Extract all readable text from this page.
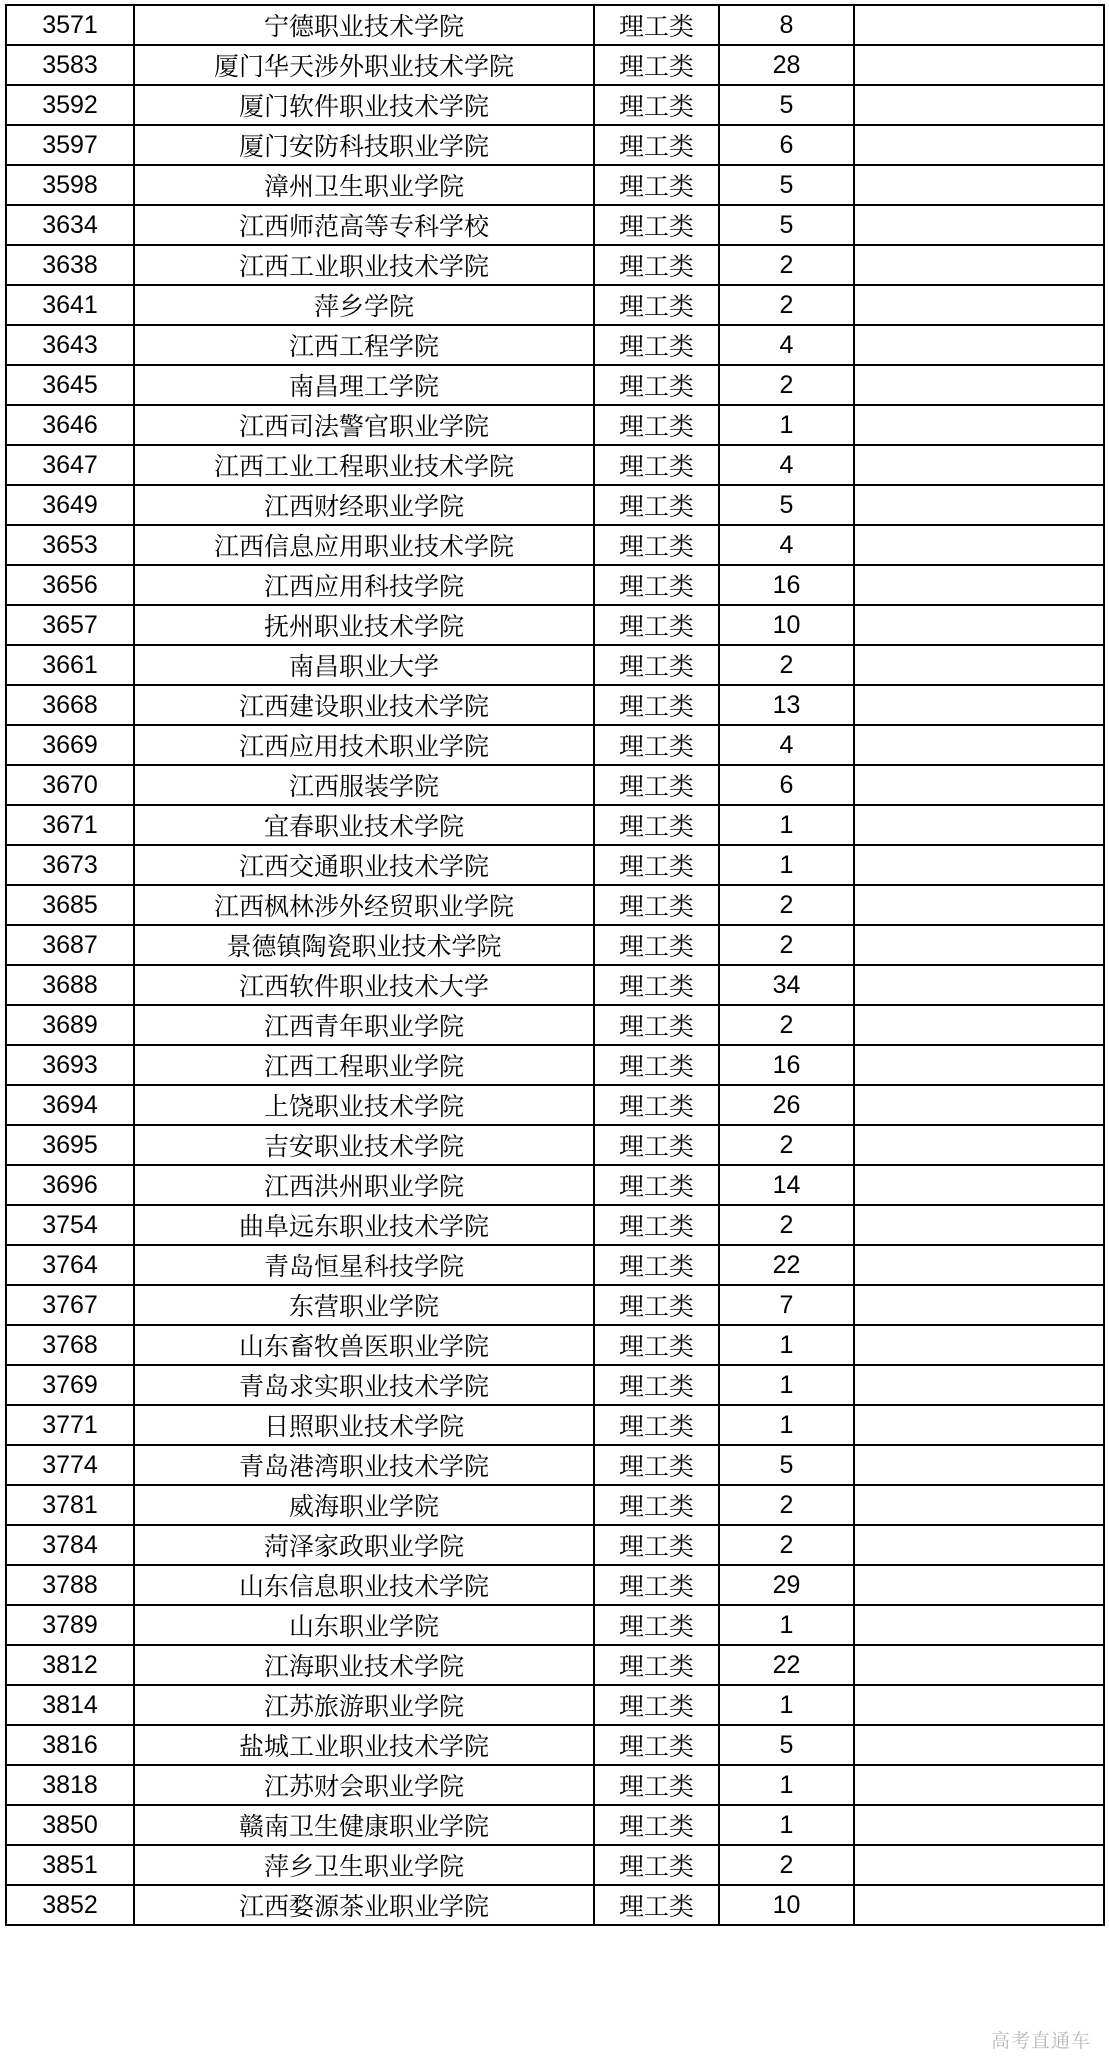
3571	宁德职业技术学院	理工类	8	
3583	厦门华天涉外职业技术学院	理工类	28	
3592	厦门软件职业技术学院	理工类	5	
3597	厦门安防科技职业学院	理工类	6	
3598	漳州卫生职业学院	理工类	5	
3634	江西师范高等专科学校	理工类	5	
3638	江西工业职业技术学院	理工类	2	
3641	萍乡学院	理工类	2	
3643	江西工程学院	理工类	4	
3645	南昌理工学院	理工类	2	
3646	江西司法警官职业学院	理工类	1	
3647	江西工业工程职业技术学院	理工类	4	
3649	江西财经职业学院	理工类	5	
3653	江西信息应用职业技术学院	理工类	4	
3656	江西应用科技学院	理工类	16	
3657	抚州职业技术学院	理工类	10	
3661	南昌职业大学	理工类	2	
3668	江西建设职业技术学院	理工类	13	
3669	江西应用技术职业学院	理工类	4	
3670	江西服装学院	理工类	6	
3671	宜春职业技术学院	理工类	1	
3673	江西交通职业技术学院	理工类	1	
3685	江西枫林涉外经贸职业学院	理工类	2	
3687	景德镇陶瓷职业技术学院	理工类	2	
3688	江西软件职业技术大学	理工类	34	
3689	江西青年职业学院	理工类	2	
3693	江西工程职业学院	理工类	16	
3694	上饶职业技术学院	理工类	26	
3695	吉安职业技术学院	理工类	2	
3696	江西洪州职业学院	理工类	14	
3754	曲阜远东职业技术学院	理工类	2	
3764	青岛恒星科技学院	理工类	22	
3767	东营职业学院	理工类	7	
3768	山东畜牧兽医职业学院	理工类	1	
3769	青岛求实职业技术学院	理工类	1	
3771	日照职业技术学院	理工类	1	
3774	青岛港湾职业技术学院	理工类	5	
3781	威海职业学院	理工类	2	
3784	菏泽家政职业学院	理工类	2	
3788	山东信息职业技术学院	理工类	29	
3789	山东职业学院	理工类	1	
3812	江海职业技术学院	理工类	22	
3814	江苏旅游职业学院	理工类	1	
3816	盐城工业职业技术学院	理工类	5	
3818	江苏财会职业学院	理工类	1	
3850	赣南卫生健康职业学院	理工类	1	
3851	萍乡卫生职业学院	理工类	2	
3852	江西婺源茶业职业学院	理工类	10	
高考直通车
